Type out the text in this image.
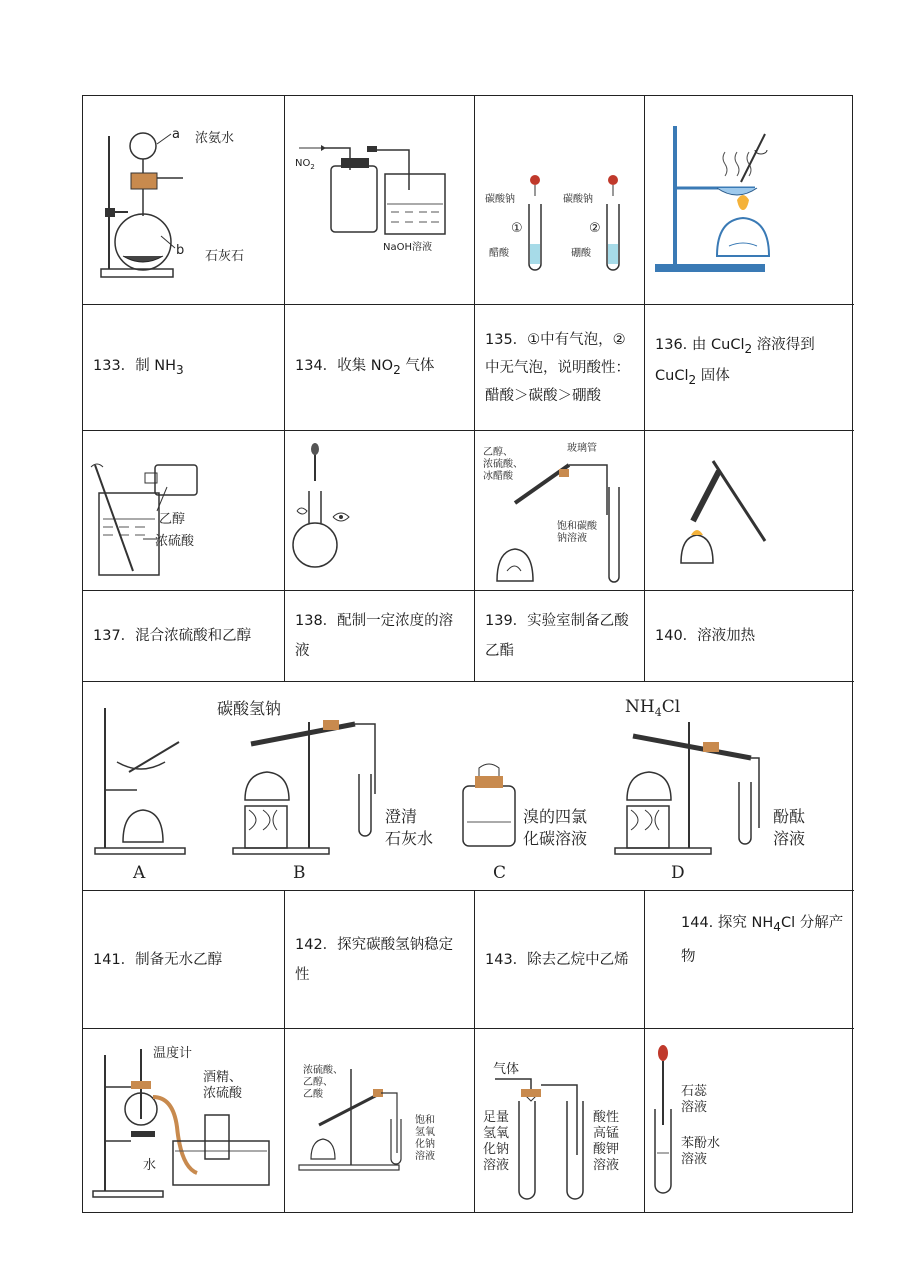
a
b
浓氨水
石灰石
$NO_2$
NaOH溶液
碳酸钠
①
醋酸
碳酸钠
②
硼酸
133．制 $NH_3$	134．收集 $NO_2$ 气体
135．①中有气泡，②中无气泡，说明酸性：醋酸＞碳酸＞硼酸
136. 由 CuCl$_2$ 溶液得到 CuCl$_2$ 固体
乙醇
浓硫酸
乙醇、
浓硫酸、
冰醋酸
玻璃管
饱和碳酸
钠溶液
137．混合浓硫酸和乙醇
138．配制一定浓度的溶液
139．实验室制备乙酸乙酯
140．溶液加热
A
碳酸氢钠
澄清
石灰水
B
溴的四氯
化碳溶液
C
$NH_4Cl$
酚酞
溶液
D
141．制备无水乙醇
142．探究碳酸氢钠稳定性
143．除去乙烷中乙烯
144. 探究 $NH_4Cl$ 分解产物
温度计
酒精、
浓硫酸
水
浓硫酸、
乙醇、
乙酸
饱 和
氢 氧
化 钠
溶 液
气体
足量
氢氧
化钠
溶液
酸性
高锰
酸钾
溶液
石蕊
溶液
苯酚水
溶液
